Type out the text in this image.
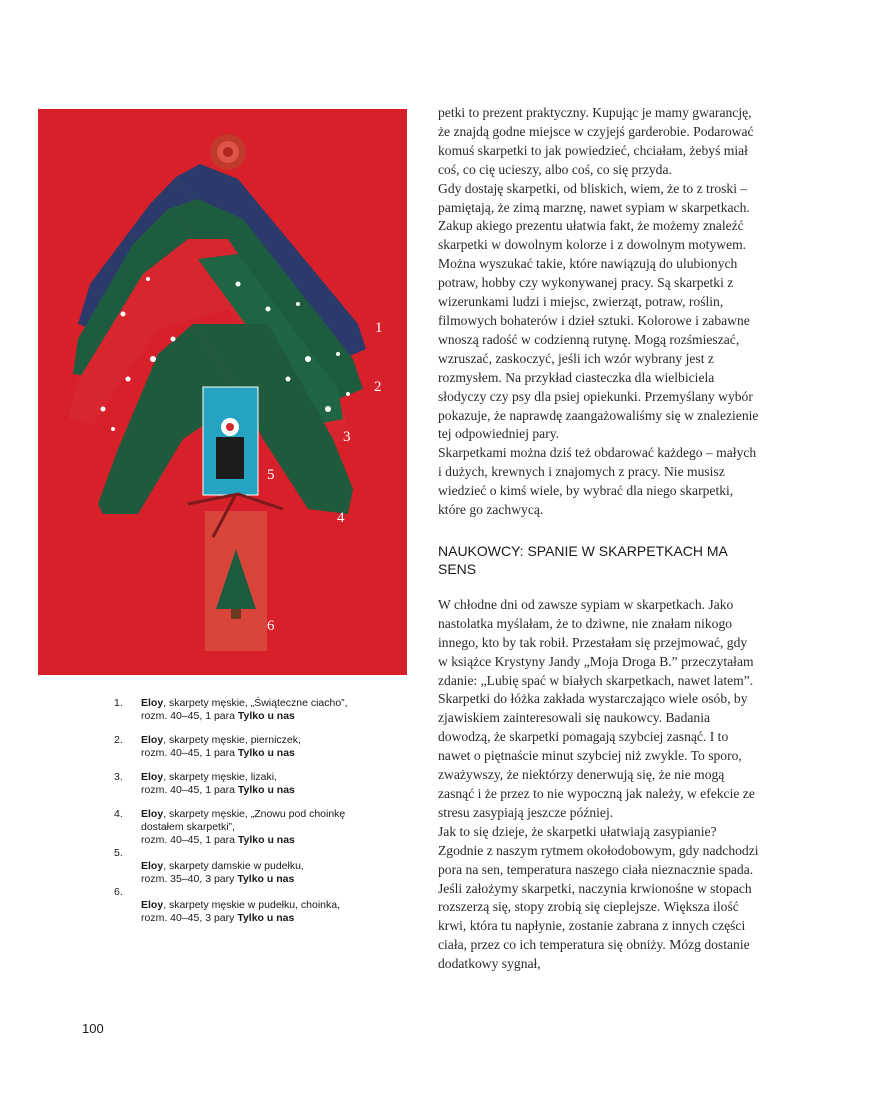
1
2
3
4
5
6
1. Eloy, skarpety męskie, „Świąteczne ciacho”,
rozm. 40–45, 1 para Tylko u nas
2. Eloy, skarpety męskie, pierniczek,
rozm. 40–45, 1 para Tylko u nas
3. Eloy, skarpety męskie, lizaki,
rozm. 40–45, 1 para Tylko u nas
4. Eloy, skarpety męskie, „Znowu pod choinkę
dostałem skarpetki”,
rozm. 40–45, 1 para Tylko u nas
5.

Eloy, skarpety damskie w pudełku,
rozm. 35–40, 3 pary Tylko u nas
6.

Eloy, skarpety męskie w pudełku, choinka,
rozm. 40–45, 3 pary Tylko u nas

petki to prezent praktyczny. Kupując je mamy gwarancję, że znajdą godne miejsce w czyjejś garderobie. Podarować komuś skarpetki to jak powiedzieć, chciałam, żebyś miał coś, co cię ucieszy, albo coś, co się przyda.

Gdy dostaję skarpetki, od bliskich, wiem, że to z troski – pamiętają, że zimą marznę, nawet sypiam w skarpetkach.

Zakup akiego prezentu ułatwia fakt, że możemy znaleźć skarpetki w dowolnym kolorze i z dowolnym motywem. Można wyszukać takie, które nawiązują do ulubionych potraw, hobby czy wykonywanej pracy. Są skarpetki z wizerunkami ludzi i miejsc, zwierząt, potraw, roślin, filmowych bohaterów i dzieł sztuki. Kolorowe i zabawne wnoszą radość w codzienną rutynę. Mogą rozśmieszać, wzruszać, zaskoczyć, jeśli ich wzór wybrany jest z rozmysłem. Na przykład ciasteczka dla wielbiciela słodyczy czy psy dla psiej opiekunki. Przemyślany wybór pokazuje, że naprawdę zaangażowaliśmy się w znalezienie tej odpowiedniej pary.

Skarpetkami można dziś też obdarować każdego – małych i dużych, krewnych i znajomych z pracy. Nie musisz wiedzieć o kimś wiele, by wybrać dla niego skarpetki, które go zachwycą.

NAUKOWCY: SPANIE W SKARPETKACH MA SENS

W chłodne dni od zawsze sypiam w skarpetkach. Jako nastolatka myślałam, że to dziwne, nie znałam nikogo innego, kto by tak robił. Przestałam się przejmować, gdy w książce Krystyny Jandy „Moja Droga B.” przeczytałam zdanie: „Lubię spać w białych skarpetkach, nawet latem”. Skarpetki do łóżka zakłada wystarczająco wiele osób, by zjawiskiem zainteresowali się naukowcy. Badania dowodzą, że skarpetki pomagają szybciej zasnąć. I to nawet o piętnaście minut szybciej niż zwykle. To sporo, zważywszy, że niektórzy denerwują się, że nie mogą zasnąć i że przez to nie wypoczną jak należy, w efekcie ze stresu zasypiają jeszcze później.

Jak to się dzieje, że skarpetki ułatwiają zasypianie? Zgodnie z naszym rytmem okołodobowym, gdy nadchodzi pora na sen, temperatura naszego ciała nieznacznie spada. Jeśli założymy skarpetki, naczynia krwionośne w stopach rozszerzą się, stopy zrobią się cieplejsze. Większa ilość krwi, która tu napłynie, zostanie zabrana z innych części ciała, przez co ich temperatura się obniży. Mózg dostanie dodatkowy sygnał,

100
